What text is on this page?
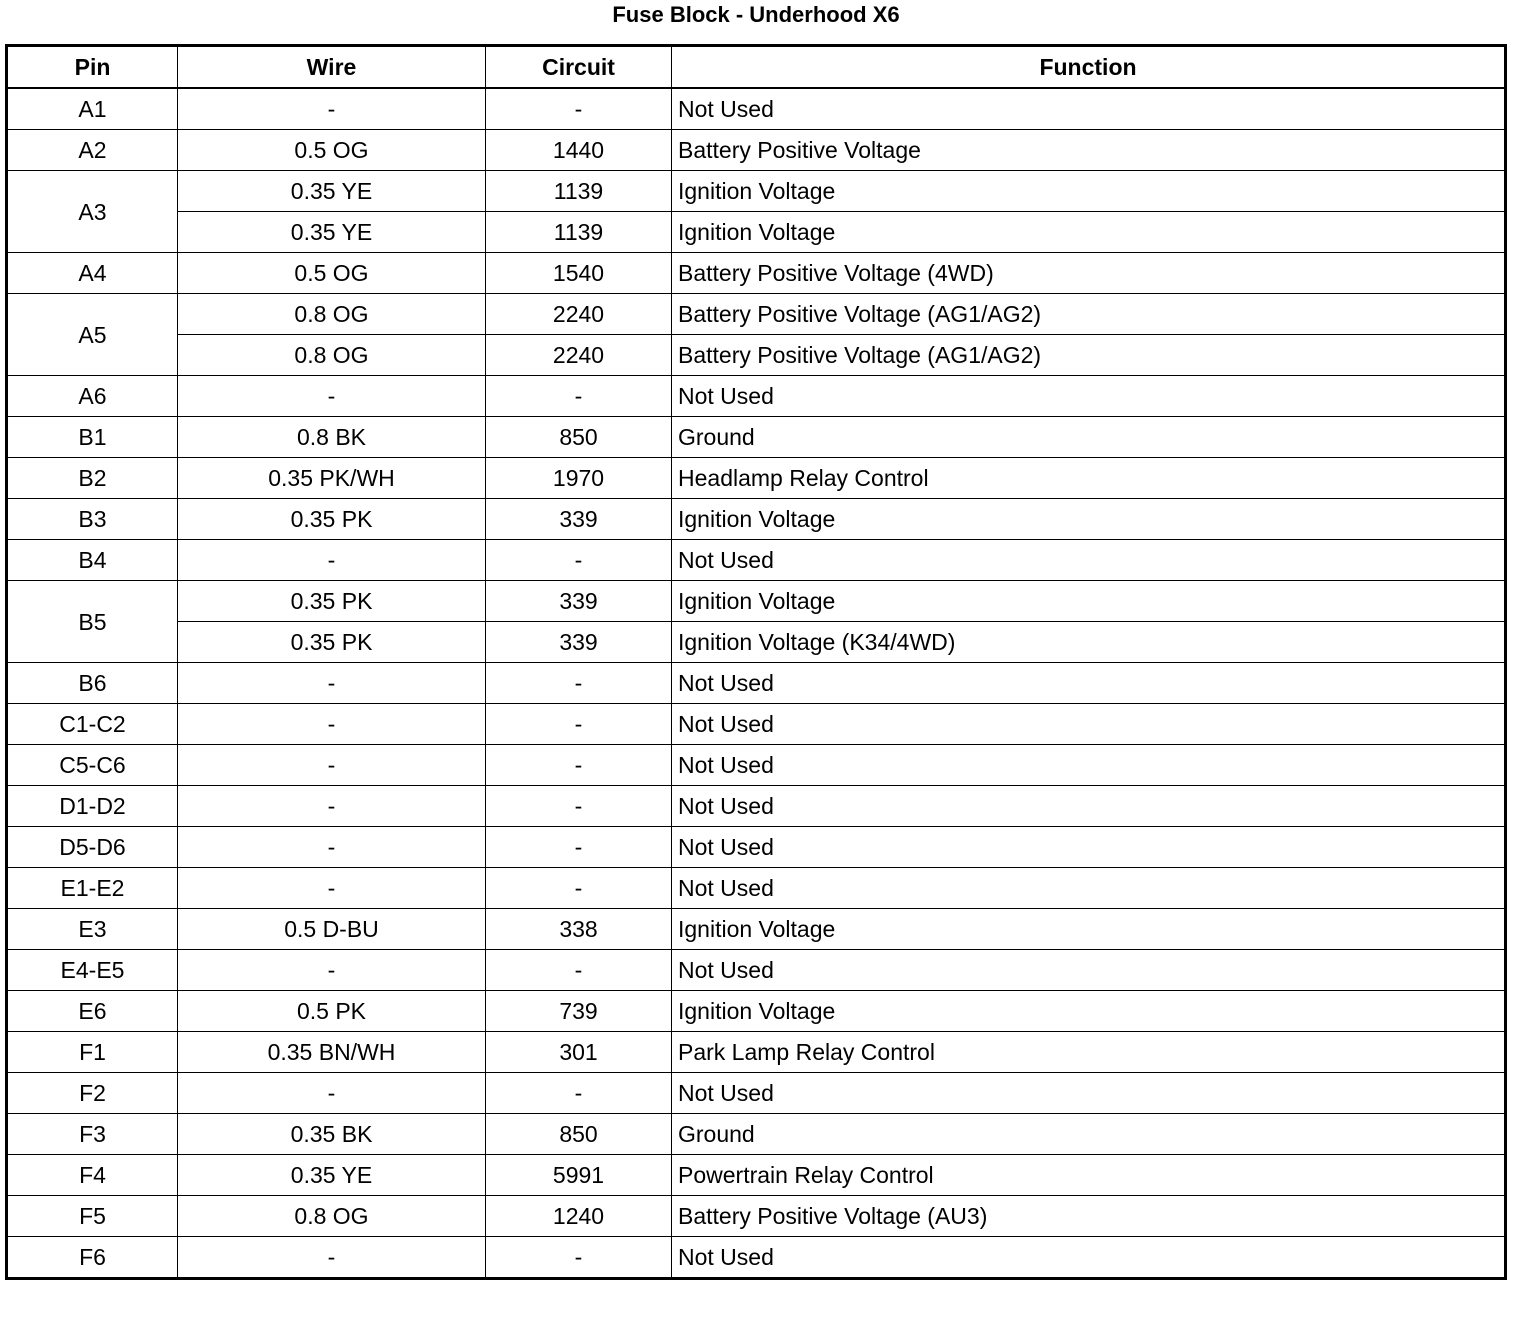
Fuse Block - Underhood X6
Pin	Wire	Circuit	Function
A1	-	-	Not Used
A2	0.5 OG	1440	Battery Positive Voltage
A3	0.35 YE	1139	Ignition Voltage
	0.35 YE	1139	Ignition Voltage
A4	0.5 OG	1540	Battery Positive Voltage (4WD)
A5	0.8 OG	2240	Battery Positive Voltage (AG1/AG2)
	0.8 OG	2240	Battery Positive Voltage (AG1/AG2)
A6	-	-	Not Used
B1	0.8 BK	850	Ground
B2	0.35 PK/WH	1970	Headlamp Relay Control
B3	0.35 PK	339	Ignition Voltage
B4	-	-	Not Used
B5	0.35 PK	339	Ignition Voltage
	0.35 PK	339	Ignition Voltage (K34/4WD)
B6	-	-	Not Used
C1-C2	-	-	Not Used
C5-C6	-	-	Not Used
D1-D2	-	-	Not Used
D5-D6	-	-	Not Used
E1-E2	-	-	Not Used
E3	0.5 D-BU	338	Ignition Voltage
E4-E5	-	-	Not Used
E6	0.5 PK	739	Ignition Voltage
F1	0.35 BN/WH	301	Park Lamp Relay Control
F2	-	-	Not Used
F3	0.35 BK	850	Ground
F4	0.35 YE	5991	Powertrain Relay Control
F5	0.8 OG	1240	Battery Positive Voltage (AU3)
F6	-	-	Not Used
